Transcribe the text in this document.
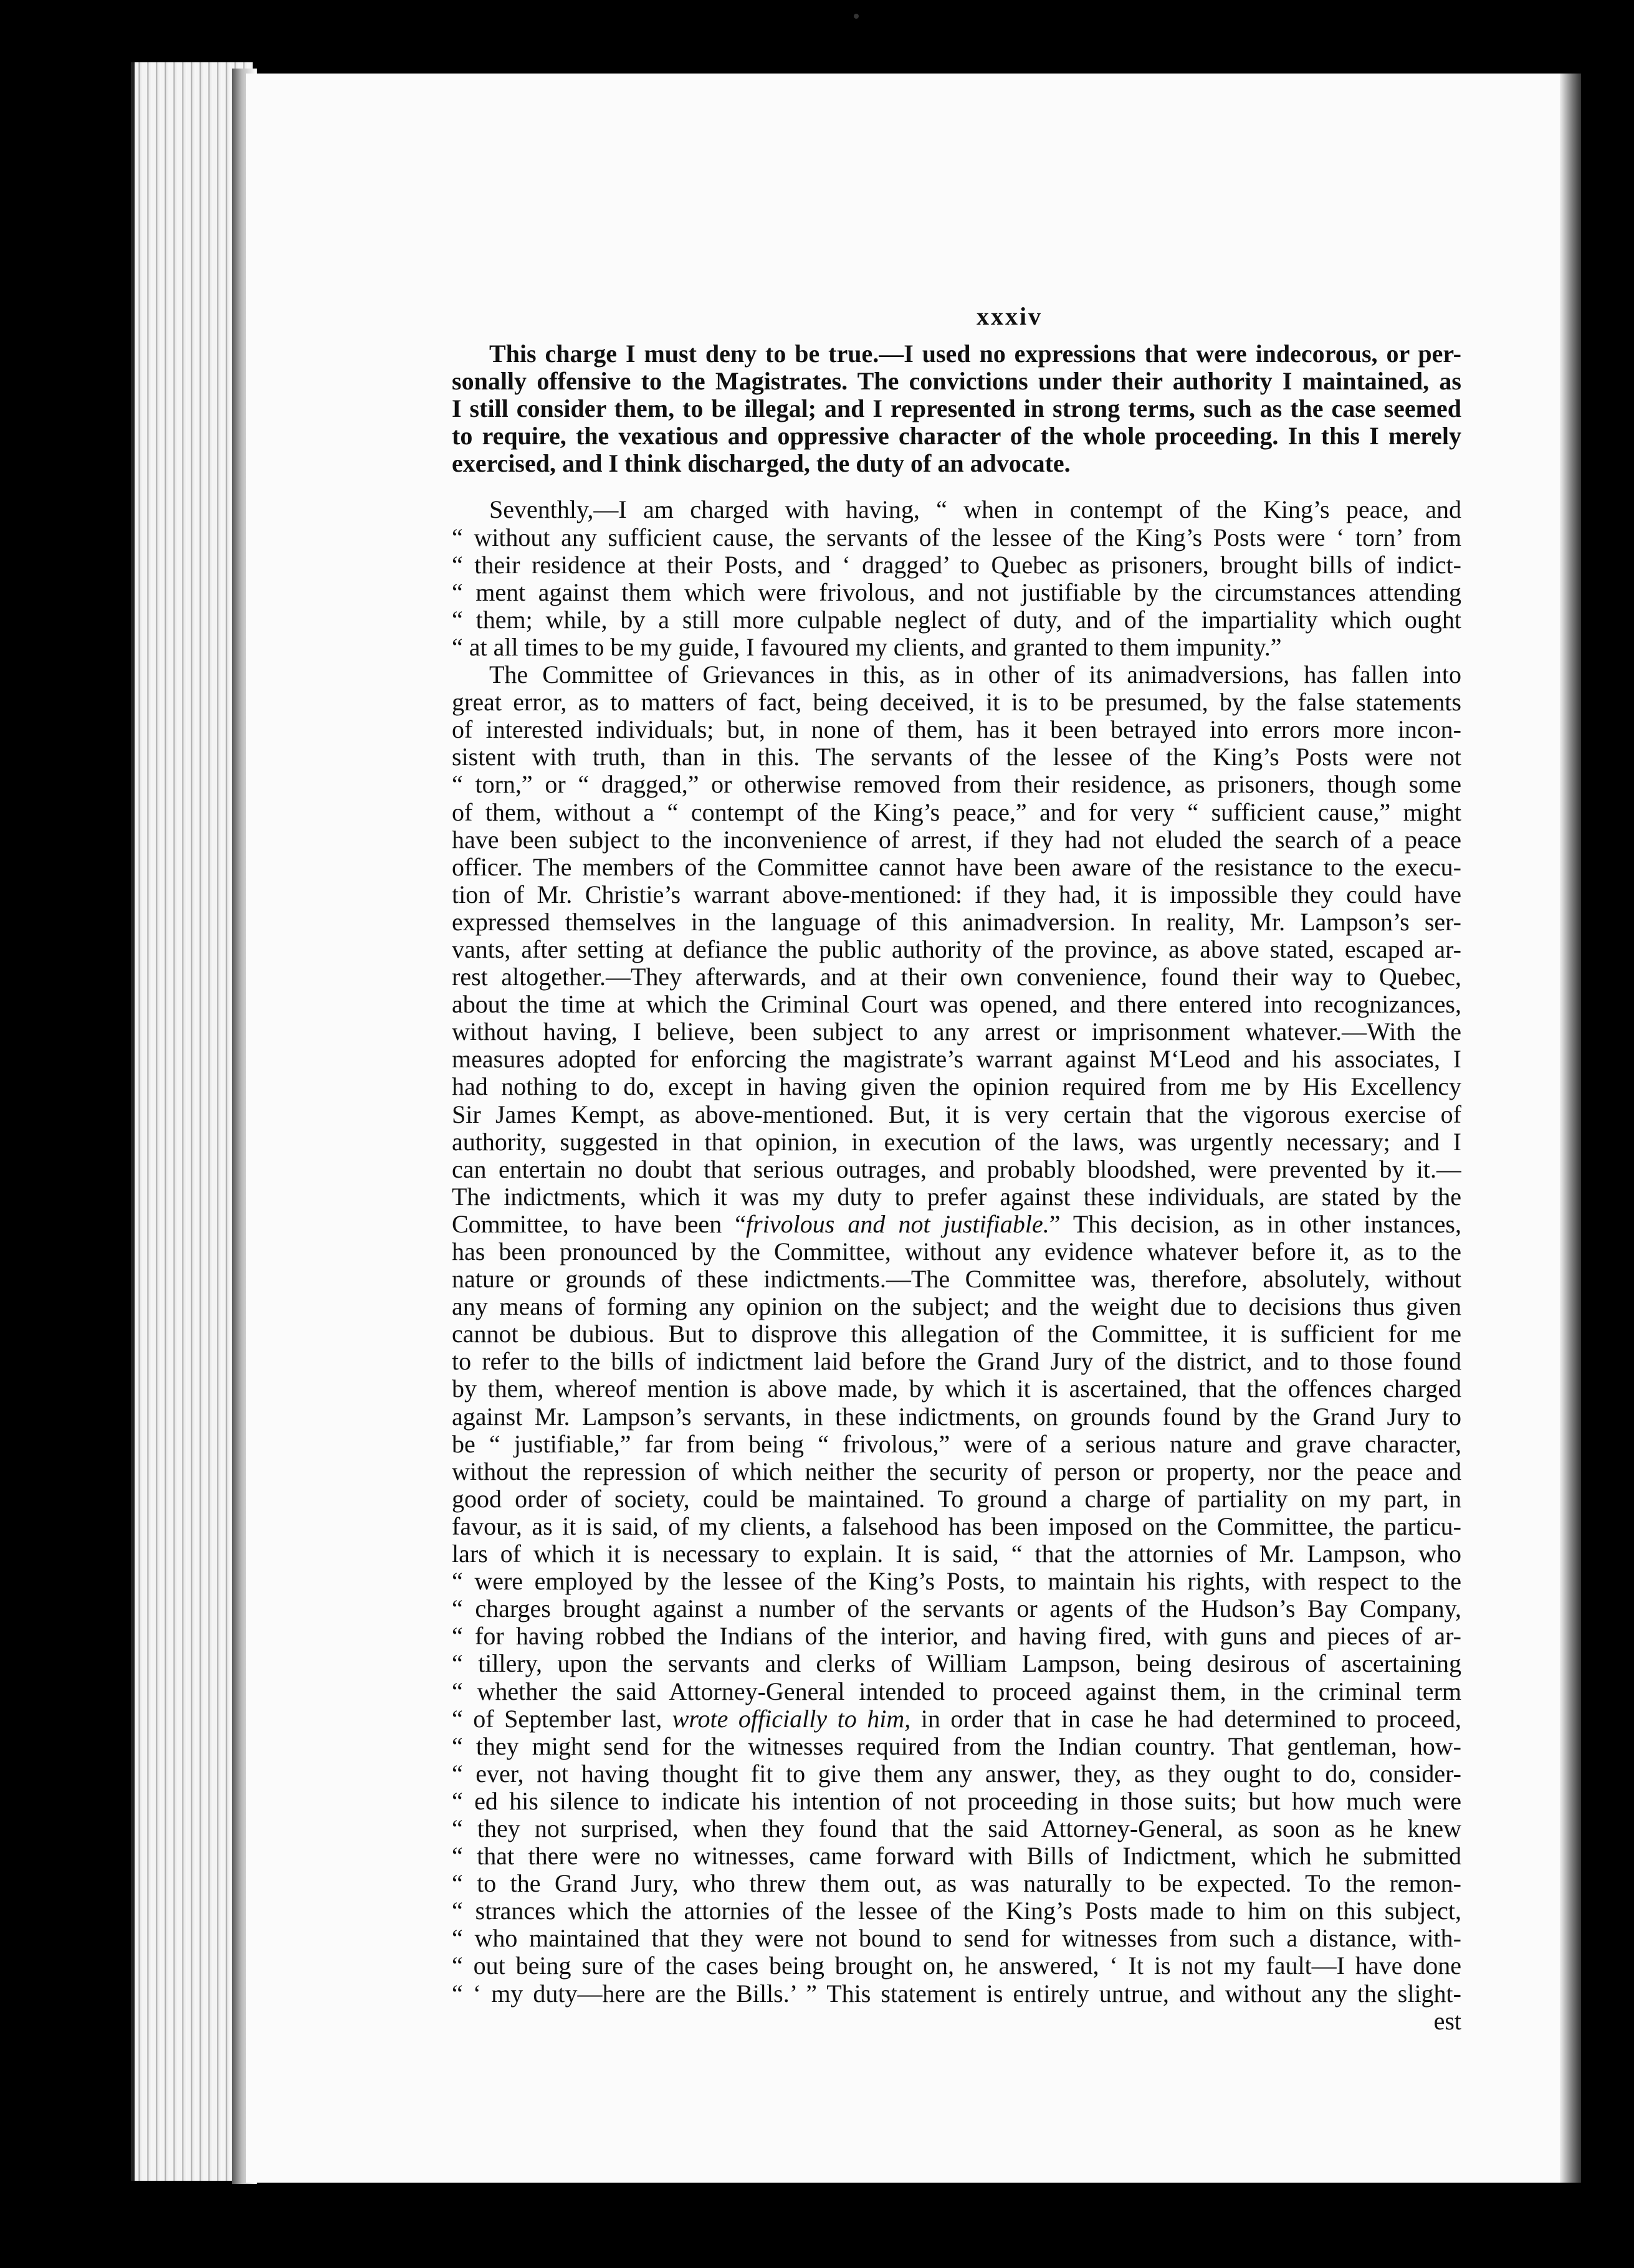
xxxiv
This charge I must deny to be true.—I used no expressions that were indecorous, or per-
sonally offensive to the Magistrates. The convictions under their authority I maintained, as
I still consider them, to be illegal; and I represented in strong terms, such as the case seemed
to require, the vexatious and oppressive character of the whole proceeding. In this I merely
exercised, and I think discharged, the duty of an advocate.
Seventhly,—I am charged with having, “ when in contempt of the King’s peace, and
“ without any sufficient cause, the servants of the lessee of the King’s Posts were ‘ torn’ from
“ their residence at their Posts, and ‘ dragged’ to Quebec as prisoners, brought bills of indict-
“ ment against them which were frivolous, and not justifiable by the circumstances attending
“ them; while, by a still more culpable neglect of duty, and of the impartiality which ought
“ at all times to be my guide, I favoured my clients, and granted to them impunity.”
The Committee of Grievances in this, as in other of its animadversions, has fallen into
great error, as to matters of fact, being deceived, it is to be presumed, by the false statements
of interested individuals; but, in none of them, has it been betrayed into errors more incon-
sistent with truth, than in this. The servants of the lessee of the King’s Posts were not
“ torn,” or “ dragged,” or otherwise removed from their residence, as prisoners, though some
of them, without a “ contempt of the King’s peace,” and for very “ sufficient cause,” might
have been subject to the inconvenience of arrest, if they had not eluded the search of a peace
officer. The members of the Committee cannot have been aware of the resistance to the execu-
tion of Mr. Christie’s warrant above-mentioned: if they had, it is impossible they could have
expressed themselves in the language of this animadversion. In reality, Mr. Lampson’s ser-
vants, after setting at defiance the public authority of the province, as above stated, escaped ar-
rest altogether.—They afterwards, and at their own convenience, found their way to Quebec,
about the time at which the Criminal Court was opened, and there entered into recognizances,
without having, I believe, been subject to any arrest or imprisonment whatever.—With the
measures adopted for enforcing the magistrate’s warrant against M‘Leod and his associates, I
had nothing to do, except in having given the opinion required from me by His Excellency
Sir James Kempt, as above-mentioned. But, it is very certain that the vigorous exercise of
authority, suggested in that opinion, in execution of the laws, was urgently necessary; and I
can entertain no doubt that serious outrages, and probably bloodshed, were prevented by it.—
The indictments, which it was my duty to prefer against these individuals, are stated by the
Committee, to have been “frivolous and not justifiable.” This decision, as in other instances,
has been pronounced by the Committee, without any evidence whatever before it, as to the
nature or grounds of these indictments.—The Committee was, therefore, absolutely, without
any means of forming any opinion on the subject; and the weight due to decisions thus given
cannot be dubious. But to disprove this allegation of the Committee, it is sufficient for me
to refer to the bills of indictment laid before the Grand Jury of the district, and to those found
by them, whereof mention is above made, by which it is ascertained, that the offences charged
against Mr. Lampson’s servants, in these indictments, on grounds found by the Grand Jury to
be “ justifiable,” far from being “ frivolous,” were of a serious nature and grave character,
without the repression of which neither the security of person or property, nor the peace and
good order of society, could be maintained. To ground a charge of partiality on my part, in
favour, as it is said, of my clients, a falsehood has been imposed on the Committee, the particu-
lars of which it is necessary to explain. It is said, “ that the attornies of Mr. Lampson, who
“ were employed by the lessee of the King’s Posts, to maintain his rights, with respect to the
“ charges brought against a number of the servants or agents of the Hudson’s Bay Company,
“ for having robbed the Indians of the interior, and having fired, with guns and pieces of ar-
“ tillery, upon the servants and clerks of William Lampson, being desirous of ascertaining
“ whether the said Attorney-General intended to proceed against them, in the criminal term
“ of September last, wrote officially to him, in order that in case he had determined to proceed,
“ they might send for the witnesses required from the Indian country. That gentleman, how-
“ ever, not having thought fit to give them any answer, they, as they ought to do, consider-
“ ed his silence to indicate his intention of not proceeding in those suits; but how much were
“ they not surprised, when they found that the said Attorney-General, as soon as he knew
“ that there were no witnesses, came forward with Bills of Indictment, which he submitted
“ to the Grand Jury, who threw them out, as was naturally to be expected. To the remon-
“ strances which the attornies of the lessee of the King’s Posts made to him on this subject,
“ who maintained that they were not bound to send for witnesses from such a distance, with-
“ out being sure of the cases being brought on, he answered, ‘ It is not my fault—I have done
“ ‘ my duty—here are the Bills.’ ” This statement is entirely untrue, and without any the slight-
est
